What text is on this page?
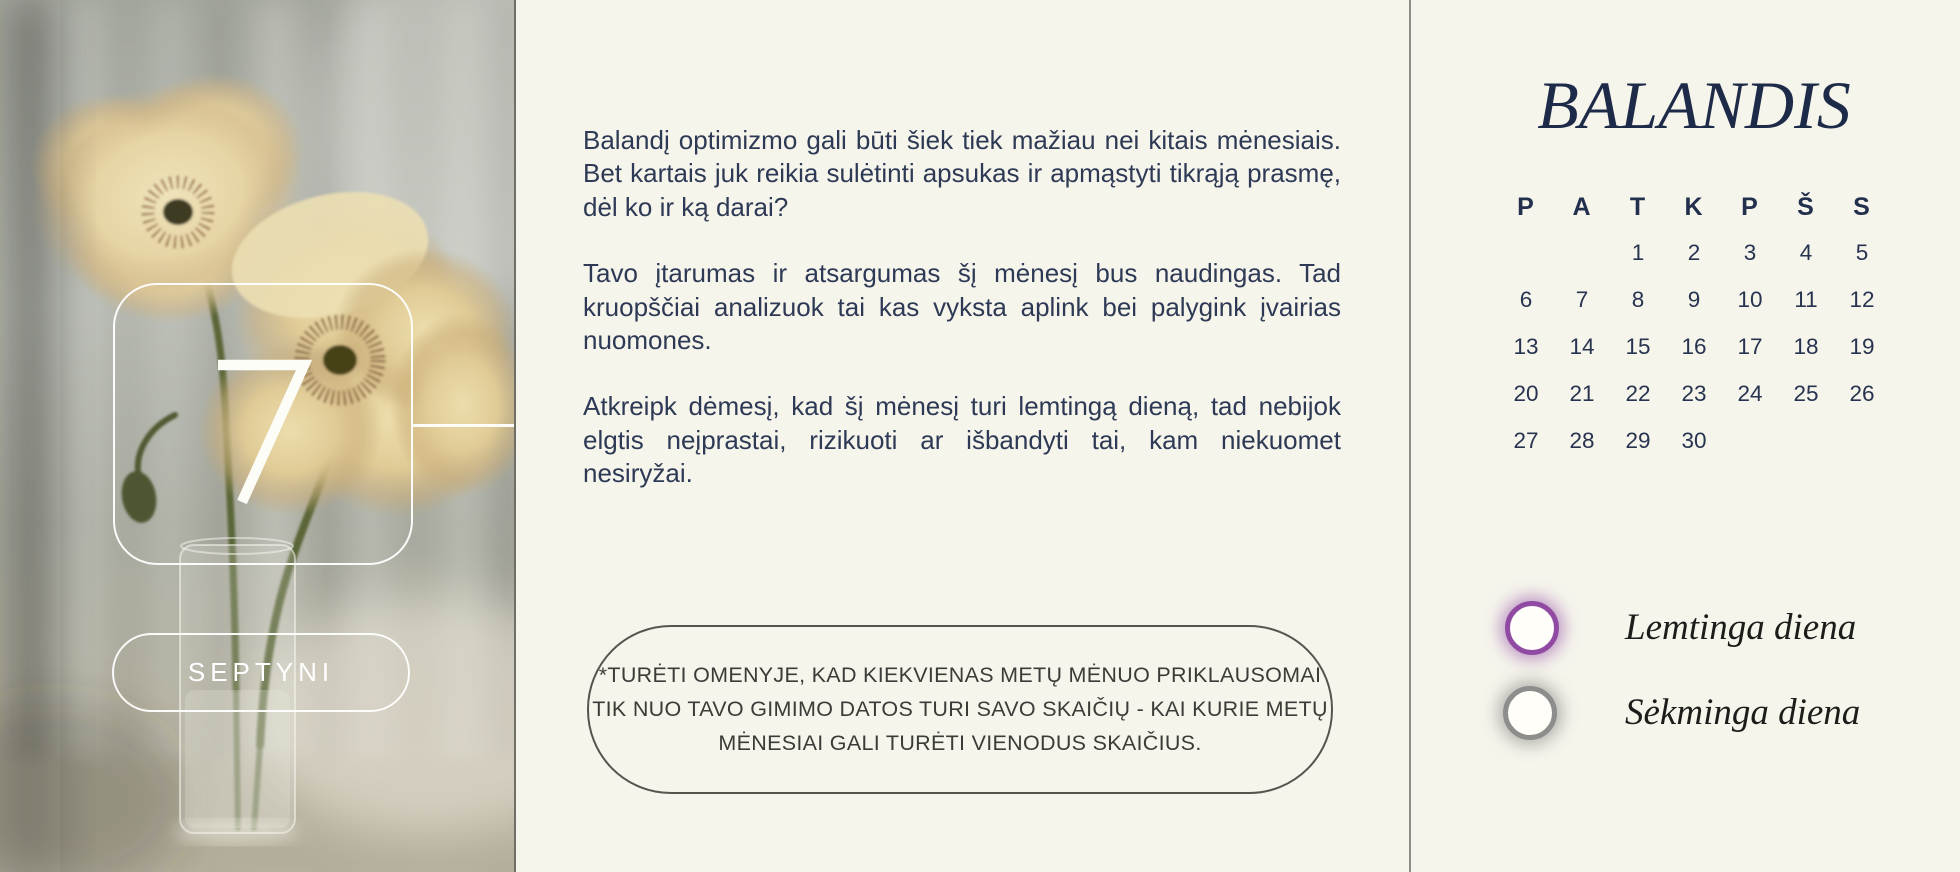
SEPTYNI

Balandį optimizmo gali būti šiek tiek mažiau nei kitais mėnesiais. Bet kartais juk reikia sulėtinti apsukas ir apmąstyti tikrąją prasmę, dėl ko ir ką darai?

Tavo įtarumas ir atsargumas šį mėnesį bus naudingas. Tad kruopščiai analizuok tai kas vyksta aplink bei palygink įvairias nuomones.

Atkreipk dėmesį, kad šį mėnesį turi lemtingą dieną, tad nebijok elgtis neįprastai, rizikuoti ar išbandyti tai, kam niekuomet nesiryžai.

*TURĖTI OMENYJE, KAD KIEKVIENAS METŲ MĖNUO PRIKLAUSOMAI
TIK NUO TAVO GIMIMO DATOS TURI SAVO SKAIČIŲ - KAI KURIE METŲ
MĖNESIAI GALI TURĖTI VIENODUS SKAIČIUS.
BALANDIS
P A T K P Š S
1 2 3 4 5
6 7 8 9 10 11 12
13 14 15 16 17 18 19
20 21 22 23 24 25 26
27 28 29 30
Lemtinga diena
Sėkminga diena
